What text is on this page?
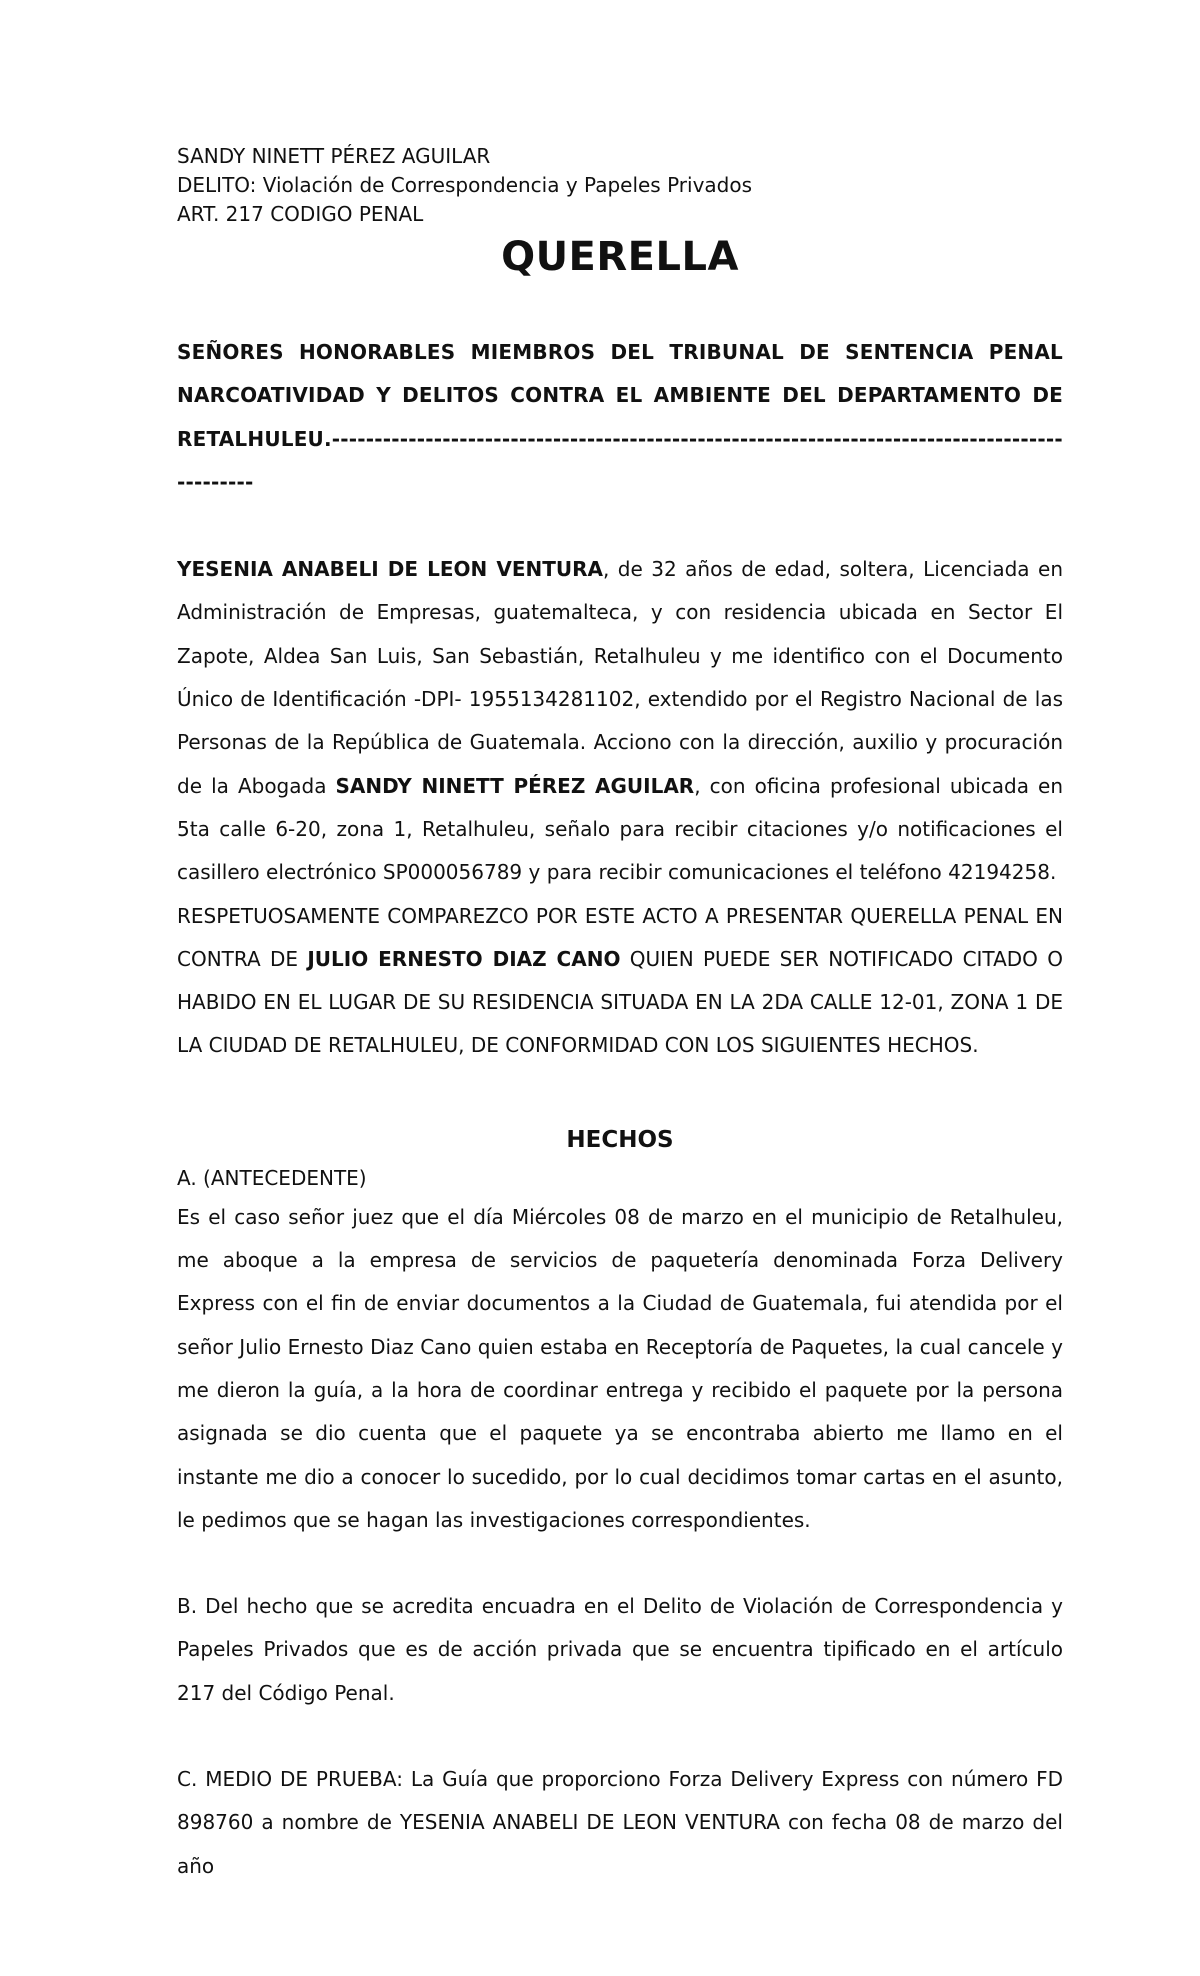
SANDY NINETT PÉREZ AGUILAR

DELITO: Violación de Correspondencia y Papeles Privados

ART. 217 CODIGO PENAL

QUERELLA

SEÑORES HONORABLES MIEMBROS DEL TRIBUNAL DE SENTENCIA PENAL NARCOATIVIDAD Y DELITOS CONTRA EL AMBIENTE DEL DEPARTAMENTO DE RETALHULEU.-----------------------------------------------------------------------------------------------

YESENIA ANABELI DE LEON VENTURA, de 32 años de edad, soltera, Licenciada en Administración de Empresas, guatemalteca, y con residencia ubicada en Sector El Zapote, Aldea San Luis, San Sebastián, Retalhuleu y me identifico con el Documento Único de Identificación -DPI- 1955134281102, extendido por el Registro Nacional de las Personas de la República de Guatemala. Acciono con la dirección, auxilio y procuración de la Abogada SANDY NINETT PÉREZ AGUILAR, con oficina profesional ubicada en 5ta calle 6-20, zona 1, Retalhuleu, señalo para recibir citaciones y/o notificaciones el casillero electrónico SP000056789 y para recibir comunicaciones el teléfono 42194258.

RESPETUOSAMENTE COMPAREZCO POR ESTE ACTO A PRESENTAR QUERELLA PENAL EN CONTRA DE JULIO ERNESTO DIAZ CANO QUIEN PUEDE SER NOTIFICADO CITADO O HABIDO EN EL LUGAR DE SU RESIDENCIA SITUADA EN LA 2DA CALLE 12-01, ZONA 1 DE LA CIUDAD DE RETALHULEU, DE CONFORMIDAD CON LOS SIGUIENTES HECHOS.

HECHOS

A. (ANTECEDENTE)

Es el caso señor juez que el día Miércoles 08 de marzo en el municipio de Retalhuleu, me aboque a la empresa de servicios de paquetería denominada Forza Delivery Express con el fin de enviar documentos a la Ciudad de Guatemala, fui atendida por el señor Julio Ernesto Diaz Cano quien estaba en Receptoría de Paquetes, la cual cancele y me dieron la guía, a la hora de coordinar entrega y recibido el paquete por la persona asignada se dio cuenta que el paquete ya se encontraba abierto me llamo en el instante me dio a conocer lo sucedido, por lo cual decidimos tomar cartas en el asunto, le pedimos que se hagan las investigaciones correspondientes.

B. Del hecho que se acredita encuadra en el Delito de Violación de Correspondencia y Papeles Privados que es de acción privada que se encuentra tipificado en el artículo 217 del Código Penal.

C. MEDIO DE PRUEBA: La Guía que proporciono Forza Delivery Express con número FD 898760 a nombre de YESENIA ANABELI DE LEON VENTURA con fecha 08 de marzo del año
